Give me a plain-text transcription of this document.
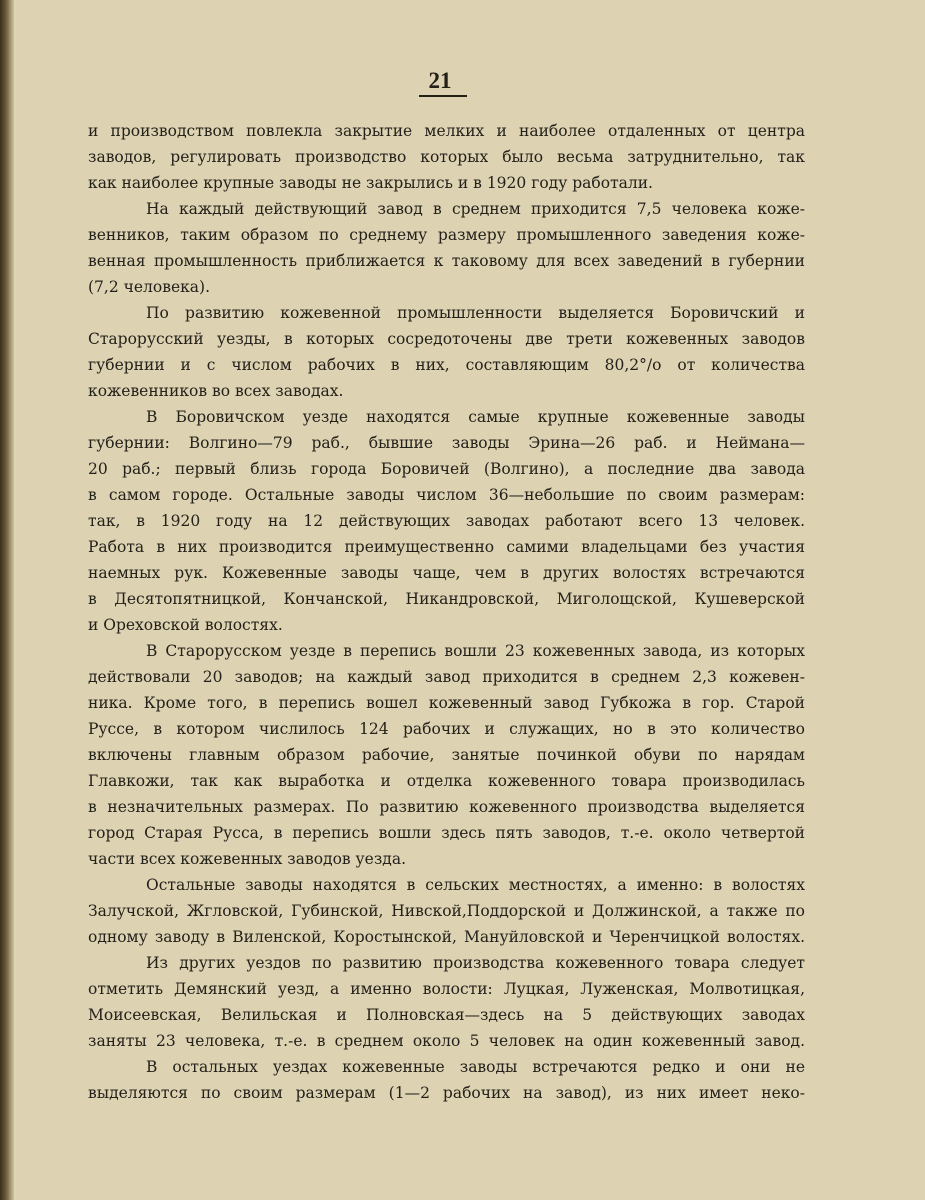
21
и производством повлекла закрытие мелких и наиболее отдаленных от центра
заводов, регулировать производство которых было весьма затруднительно, так
как наиболее крупные заводы не закрылись и в 1920 году работали.
На каждый действующий завод в среднем приходится 7,5 человека коже-
венников, таким образом по среднему размеру промышленного заведения коже-
венная промышленность приближается к таковому для всех заведений в губернии
(7,2 человека).
По развитию кожевенной промышленности выделяется Боровичский и
Старорусский уезды, в которых сосредоточены две трети кожевенных заводов
губернии и с числом рабочих в них, составляющим 80,2°/o от количества
кожевенников во всех заводах.
В Боровичском уезде находятся самые крупные кожевенные заводы
губернии: Волгино—79 раб., бывшие заводы Эрина—26 раб. и Неймана—
20 раб.; первый близь города Боровичей (Волгино), а последние два завода
в самом городе. Остальные заводы числом 36—небольшие по своим размерам:
так, в 1920 году на 12 действующих заводах работают всего 13 человек.
Работа в них производится преимущественно самими владельцами без участия
наемных рук. Кожевенные заводы чаще, чем в других волостях встречаются
в Десятопятницкой, Кончанской, Никандровской, Миголощской, Кушеверской
и Ореховской волостях.
В Старорусском уезде в перепись вошли 23 кожевенных завода, из которых
действовали 20 заводов; на каждый завод приходится в среднем 2,3 кожевен-
ника. Кроме того, в перепись вошел кожевенный завод Губкожа в гор. Старой
Руссе, в котором числилось 124 рабочих и служащих, но в это количество
включены главным образом рабочие, занятые починкой обуви по нарядам
Главкожи, так как выработка и отделка кожевенного товара производилась
в незначительных размерах. По развитию кожевенного производства выделяется
город Старая Русса, в перепись вошли здесь пять заводов, т.-е. около четвертой
части всех кожевенных заводов уезда.
Остальные заводы находятся в сельских местностях, а именно: в волостях
Залучской, Жгловской, Губинской, Нивской,Поддорской и Должинской, а также по
одному заводу в Виленской, Коростынской, Мануйловской и Черенчицкой волостях.
Из других уездов по развитию производства кожевенного товара следует
отметить Демянский уезд, а именно волости: Луцкая, Луженская, Молвотицкая,
Моисеевская, Велильская и Полновская—здесь на 5 действующих заводах
заняты 23 человека, т.-е. в среднем около 5 человек на один кожевенный завод.
В остальных уездах кожевенные заводы встречаются редко и они не
выделяются по своим размерам (1—2 рабочих на завод), из них имеет неко-
